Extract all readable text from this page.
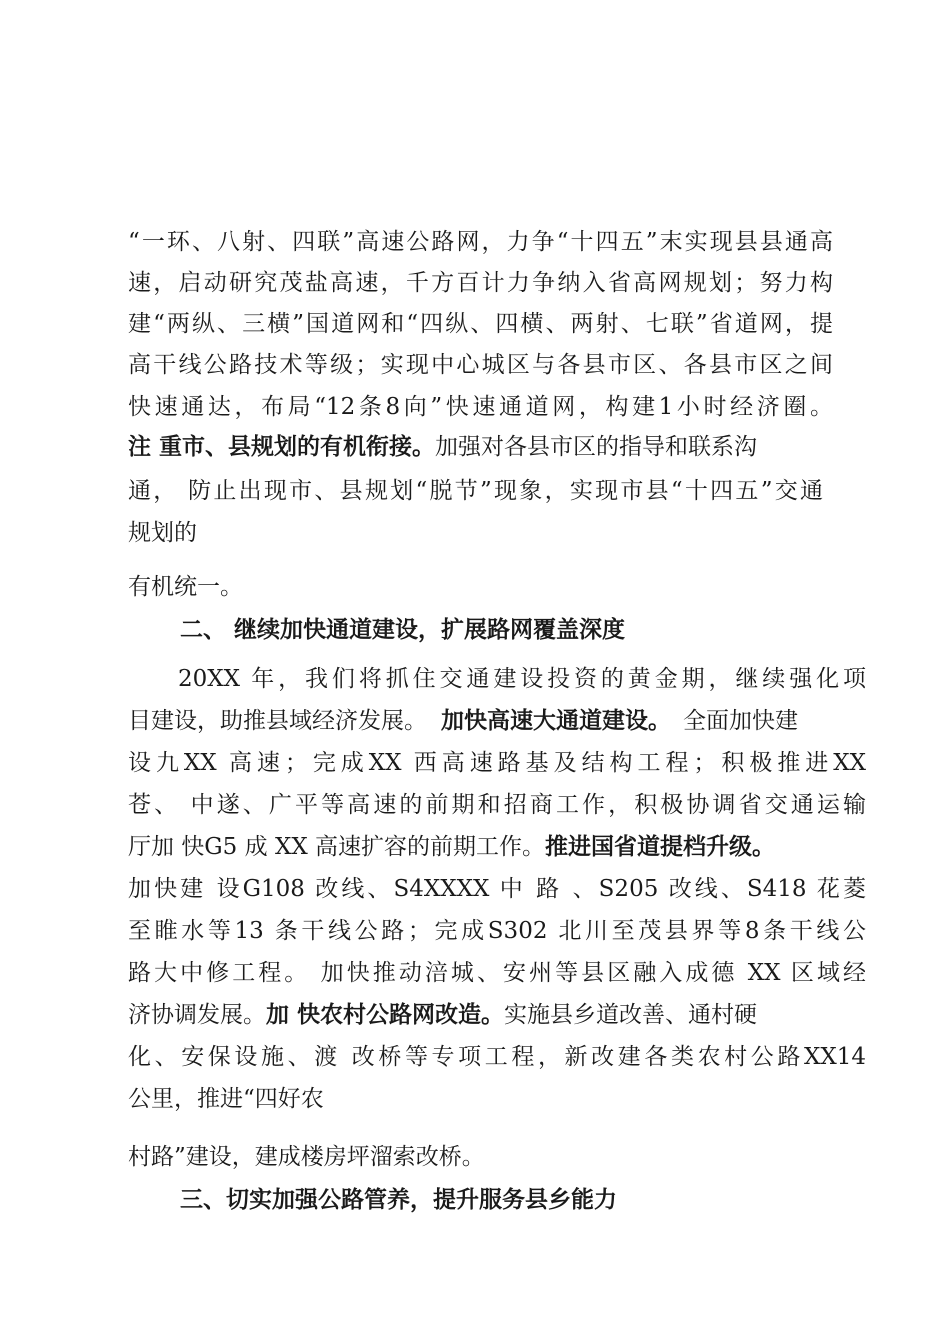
“一环、八射、四联”高速公路网，力争“十四五”末实现县县通高
速，启动研究茂盐高速，千方百计力争纳入省高网规划；努力构
建“两纵、三横”国道网和“四纵、四横、两射、七联”省道网，提
高干线公路技术等级；实现中心城区与各县市区、各县市区之间
快速通达，布局“12条8向”快速通道网，构建1小时经济圈。
注 重市、县规划的有机衔接。加强对各县市区的指导和联系沟
通， 防止出现市、县规划“脱节”现象，实现市县“十四五”交通
规划的
有机统一。
二、 继续加快通道建设，扩展路网覆盖深度
20XX 年，我们将抓住交通建设投资的黄金期，继续强化项
目建设，助推县域经济发展。 加快高速大通道建设。 全面加快建
设九XX 高速；完成XX 西高速路基及结构工程；积极推进XX
苍、 中遂、广平等高速的前期和招商工作，积极协调省交通运输
厅加 快G5 成 XX 高速扩容的前期工作。推进国省道提档升级。
加快建 设G108 改线、S4XXXX 中 路 、S205 改线、S418 花菱
至睢水等13 条干线公路；完成S302 北川至茂县界等8条干线公
路大中修工程。 加快推动涪城、安州等县区融入成德 XX 区域经
济协调发展。加 快农村公路网改造。实施县乡道改善、通村硬
化、安保设施、渡 改桥等专项工程，新改建各类农村公路XX14
公里，推进“四好农
村路”建设，建成楼房坪溜索改桥。
三、切实加强公路管养，提升服务县乡能力
